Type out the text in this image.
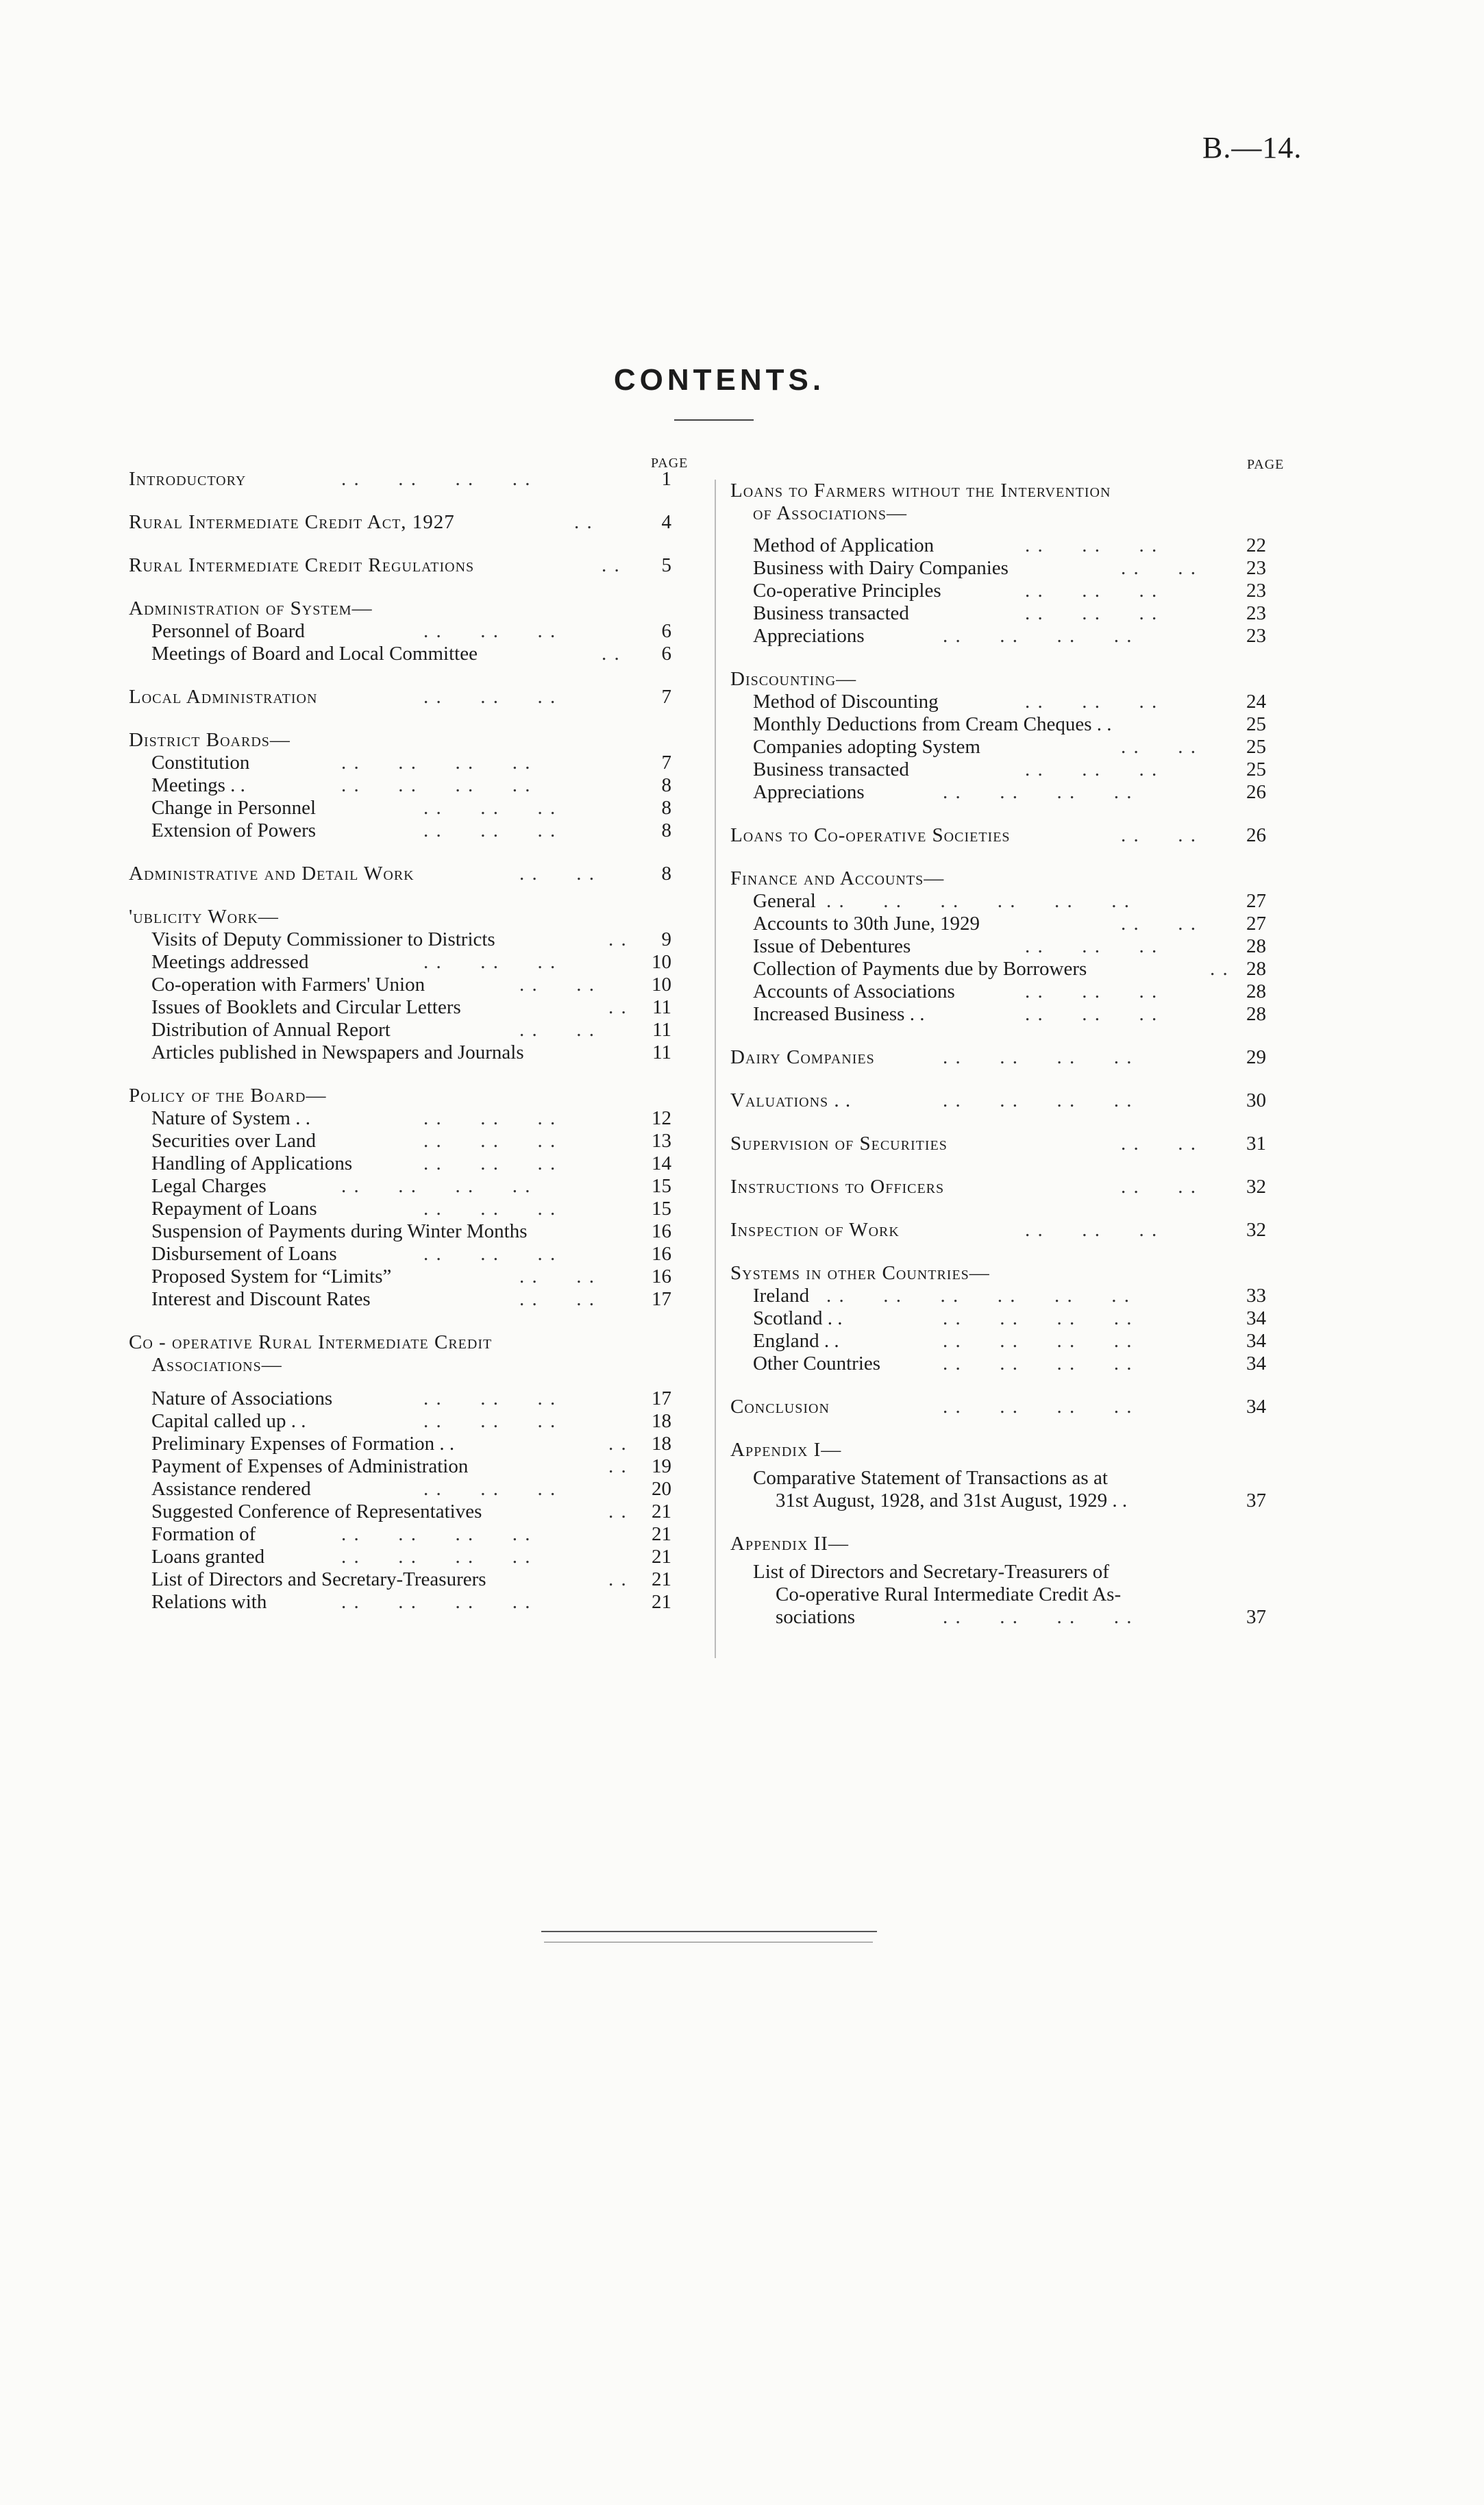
B.—14.
CONTENTS.
PAGE	PAGE
Introductory	. .      . .      . .      . .	1
Rural Intermediate Credit Act, 1927	. .	4
Rural Intermediate Credit Regulations	. . 5
Administration of System—
Personnel of Board	. .      . .      . .	6
Meetings of Board and Local Committee	. . 6
Local Administration	. .      . .      . .	7
District Boards—
Constitution	. .      . .      . .      . .	7
Meetings . .	. .      . .      . .      . .	8
Change in Personnel	. .      . .      . .	8
Extension of Powers	. .      . .      . .	8
Administrative and Detail Work	. .      . .	8
'ublicity Work—
Visits of Deputy Commissioner to Districts	. . 9
Meetings addressed	. .      . .      . .	10
Co-operation with Farmers' Union	. .      . .	10
Issues of Booklets and Circular Letters	. . 11
Distribution of Annual Report	. .      . .	11
Articles published in Newspapers and Journals	11
Policy of the Board—
Nature of System . .	. .      . .      . .	12
Securities over Land	. .      . .      . .	13
Handling of Applications	. .      . .      . .	14
Legal Charges	. .      . .      . .      . .	15
Repayment of Loans	. .      . .      . .	15
Suspension of Payments during Winter Months	16
Disbursement of Loans	. .      . .      . .	16
Proposed System for “Limits”	. .      . .	16
Interest and Discount Rates	. .      . .	17
Co - operative Rural Intermediate Credit
Associations—
Nature of Associations	. .      . .      . .	17
Capital called up . .	. .      . .      . .	18
Preliminary Expenses of Formation . .	. . 18
Payment of Expenses of Administration	. . 19
Assistance rendered	. .      . .      . .	20
Suggested Conference of Representatives	. . 21
Formation of	. .      . .      . .      . .	21
Loans granted	. .      . .      . .      . .	21
List of Directors and Secretary-Treasurers	. . 21
Relations with	. .      . .      . .      . .	21
Loans to Farmers without the Intervention
of Associations—
Method of Application	. .      . .      . .	22
Business with Dairy Companies	. .      . . 23
Co-operative Principles	. .      . .      . .	23
Business transacted	. .      . .      . .	23
Appreciations	. .      . .      . .      . .	23
Discounting—
Method of Discounting	. .      . .      . .	24
Monthly Deductions from Cream Cheques . .	25
Companies adopting System	. .      . . 25
Business transacted	. .      . .      . .	25
Appreciations	. .      . .      . .      . .	26
Loans to Co-operative Societies	. .      . . 26
Finance and Accounts—
General . .      . .      . .      . .      . .      . .	27
Accounts to 30th June, 1929	. .      . . 27
Issue of Debentures	. .      . .      . .	28
Collection of Payments due by Borrowers	. . 28
Accounts of Associations	. .      . .      . .	28
Increased Business . .	. .      . .      . .	28
Dairy Companies	. .      . .      . .      . .	29
Valuations . .	. .      . .      . .      . .	30
Supervision of Securities	. .      . . 31
Instructions to Officers	. .      . . 32
Inspection of Work	. .      . .      . .	32
Systems in other Countries—
Ireland . .      . .      . .      . .      . .      . .	33
Scotland . .	. .      . .      . .      . .	34
England . .	. .      . .      . .      . .	34
Other Countries	. .      . .      . .      . .	34
Conclusion	. .      . .      . .      . .	34
Appendix I—
Comparative Statement of Transactions as at
31st August, 1928, and 31st August, 1929 . .	37
Appendix II—
List of Directors and Secretary-Treasurers of
Co-operative Rural Intermediate Credit As-
sociations	. .      . .      . .      . .	37
